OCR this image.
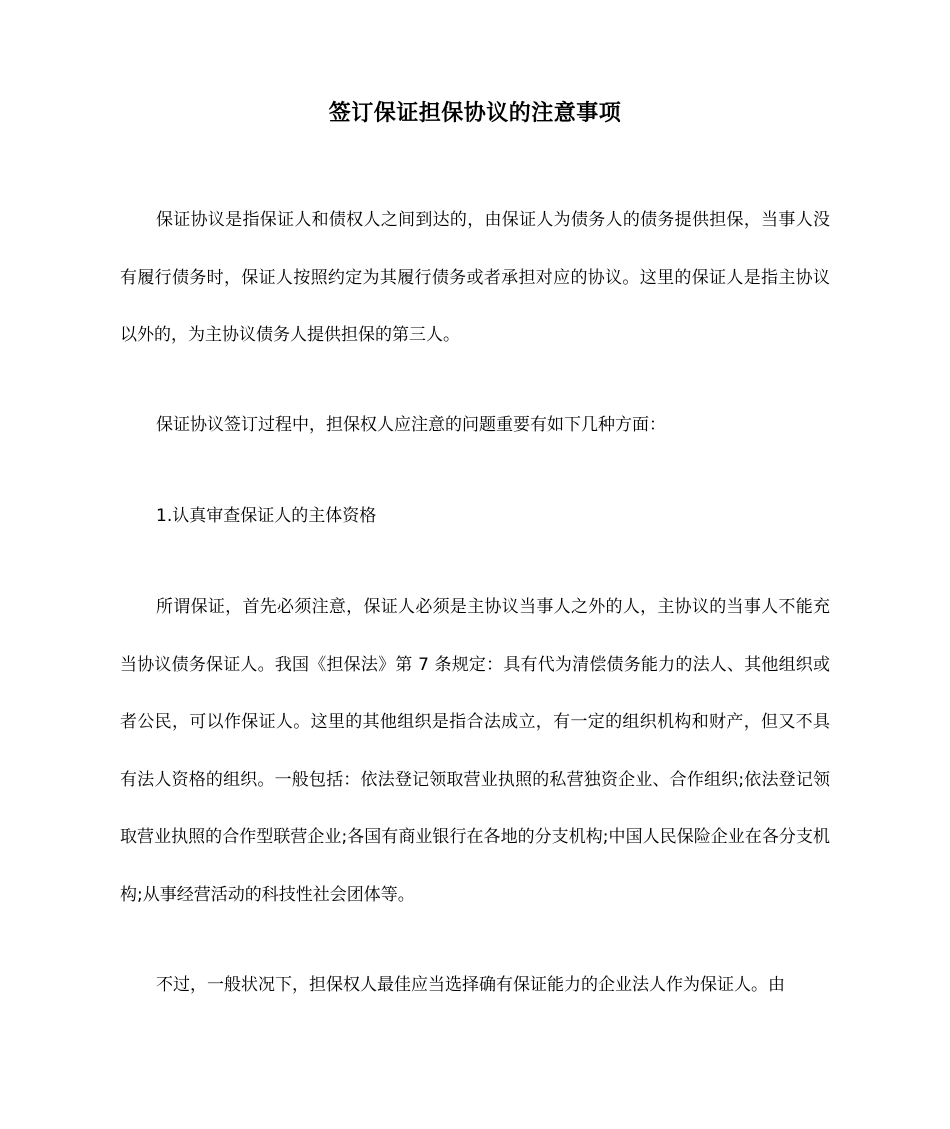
签订保证担保协议的注意事项

保证协议是指保证人和债权人之间到达的，由保证人为债务人的债务提供担保，当事人没有履行债务时，保证人按照约定为其履行债务或者承担对应的协议。这里的保证人是指主协议以外的，为主协议债务人提供担保的第三人。

保证协议签订过程中，担保权人应注意的问题重要有如下几种方面：

1.认真审查保证人的主体资格

所谓保证，首先必须注意，保证人必须是主协议当事人之外的人，主协议的当事人不能充当协议债务保证人。我国《担保法》第 7 条规定：具有代为清偿债务能力的法人、其他组织或者公民，可以作保证人。这里的其他组织是指合法成立，有一定的组织机构和财产，但又不具有法人资格的组织。一般包括：依法登记领取营业执照的私营独资企业、合作组织;依法登记领取营业执照的合作型联营企业;各国有商业银行在各地的分支机构;中国人民保险企业在各分支机构;从事经营活动的科技性社会团体等。

不过，一般状况下，担保权人最佳应当选择确有保证能力的企业法人作为保证人。由
